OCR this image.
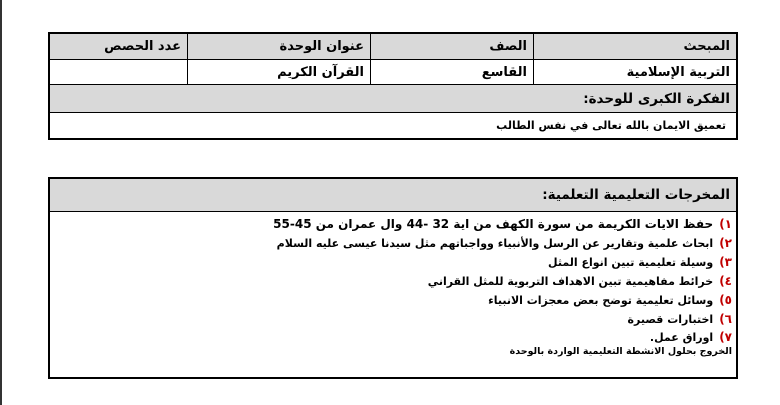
المبحث	الصف	عنوان الوحدة	عدد الحصص
التربية الإسلامية	القاسع	القرآن الكريم	
الفكرة الكبرى للوحدة:			
تعميق الايمان بالله تعالى في نفس الطالب			
المخرجات التعليمية التعلمية:
١)حفظ الايات الكريمة من سورة الكهف من اية 32 -44 وال عمران من 45-55
٢)ابحاث علمية وتقارير عن الرسل والأنبياء وواجباتهم مثل سيدنا عيسى عليه السلام
٣)وسيلة تعليمية تبين انواع المثل
٤)خرائط مفاهيمية تبين الاهداف التربوية للمثل القراني
٥)وسائل تعليمية توضح بعض معجزات الانبياء
٦)اختبارات قصيرة
٧)اوراق عمل.
الخروج بحلول الانشطة التعليمية الواردة بالوحدة
